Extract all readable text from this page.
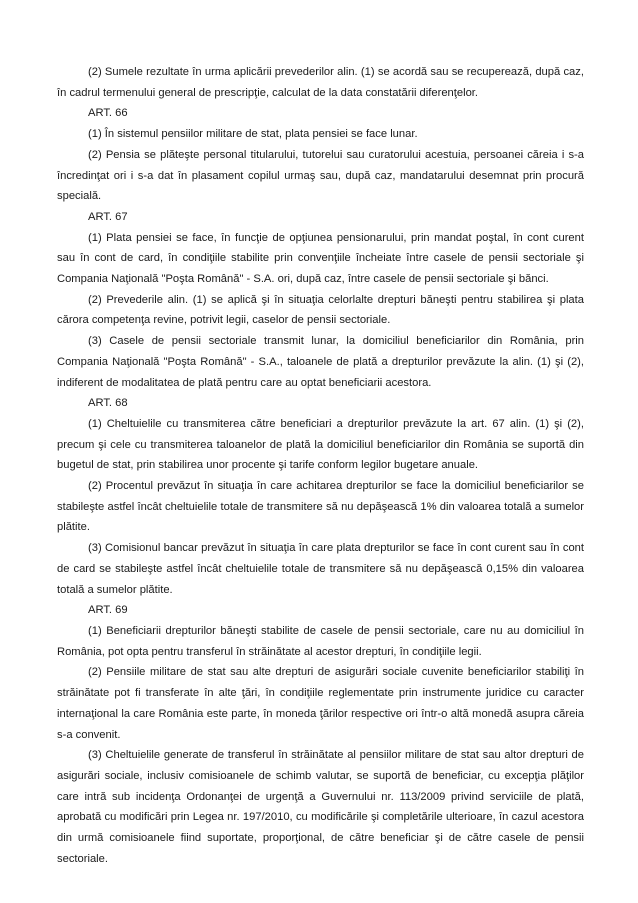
(2) Sumele rezultate în urma aplicării prevederilor alin. (1) se acordă sau se recuperează, după caz, în cadrul termenului general de prescripţie, calculat de la data constatării diferenţelor.

ART. 66

(1) În sistemul pensiilor militare de stat, plata pensiei se face lunar.

(2) Pensia se plăteşte personal titularului, tutorelui sau curatorului acestuia, persoanei căreia i s-a încredinţat ori i s-a dat în plasament copilul urmaş sau, după caz, mandatarului desemnat prin procură specială.

ART. 67

(1) Plata pensiei se face, în funcţie de opţiunea pensionarului, prin mandat poştal, în cont curent sau în cont de card, în condiţiile stabilite prin convenţiile încheiate între casele de pensii sectoriale şi Compania Naţională "Poşta Română" - S.A. ori, după caz, între casele de pensii sectoriale şi bănci.

(2) Prevederile alin. (1) se aplică şi în situaţia celorlalte drepturi băneşti pentru stabilirea şi plata cărora competenţa revine, potrivit legii, caselor de pensii sectoriale.

(3) Casele de pensii sectoriale transmit lunar, la domiciliul beneficiarilor din România, prin Compania Naţională "Poşta Română" - S.A., taloanele de plată a drepturilor prevăzute la alin. (1) şi (2), indiferent de modalitatea de plată pentru care au optat beneficiarii acestora.

ART. 68

(1) Cheltuielile cu transmiterea către beneficiari a drepturilor prevăzute la art. 67 alin. (1) şi (2), precum şi cele cu transmiterea taloanelor de plată la domiciliul beneficiarilor din România se suportă din bugetul de stat, prin stabilirea unor procente şi tarife conform legilor bugetare anuale.

(2) Procentul prevăzut în situaţia în care achitarea drepturilor se face la domiciliul beneficiarilor se stabileşte astfel încât cheltuielile totale de transmitere să nu depăşească 1% din valoarea totală a sumelor plătite.

(3) Comisionul bancar prevăzut în situaţia în care plata drepturilor se face în cont curent sau în cont de card se stabileşte astfel încât cheltuielile totale de transmitere să nu depăşească 0,15% din valoarea totală a sumelor plătite.

ART. 69

(1) Beneficiarii drepturilor băneşti stabilite de casele de pensii sectoriale, care nu au domiciliul în România, pot opta pentru transferul în străinătate al acestor drepturi, în condiţiile legii.

(2) Pensiile militare de stat sau alte drepturi de asigurări sociale cuvenite beneficiarilor stabiliţi în străinătate pot fi transferate în alte ţări, în condiţiile reglementate prin instrumente juridice cu caracter internaţional la care România este parte, în moneda ţărilor respective ori într-o altă monedă asupra căreia s-a convenit.

(3) Cheltuielile generate de transferul în străinătate al pensiilor militare de stat sau altor drepturi de asigurări sociale, inclusiv comisioanele de schimb valutar, se suportă de beneficiar, cu excepţia plăţilor care intră sub incidenţa Ordonanţei de urgenţă a Guvernului nr. 113/2009 privind serviciile de plată, aprobată cu modificări prin Legea nr. 197/2010, cu modificările şi completările ulterioare, în cazul acestora din urmă comisioanele fiind suportate, proporţional, de către beneficiar şi de către casele de pensii sectoriale.
